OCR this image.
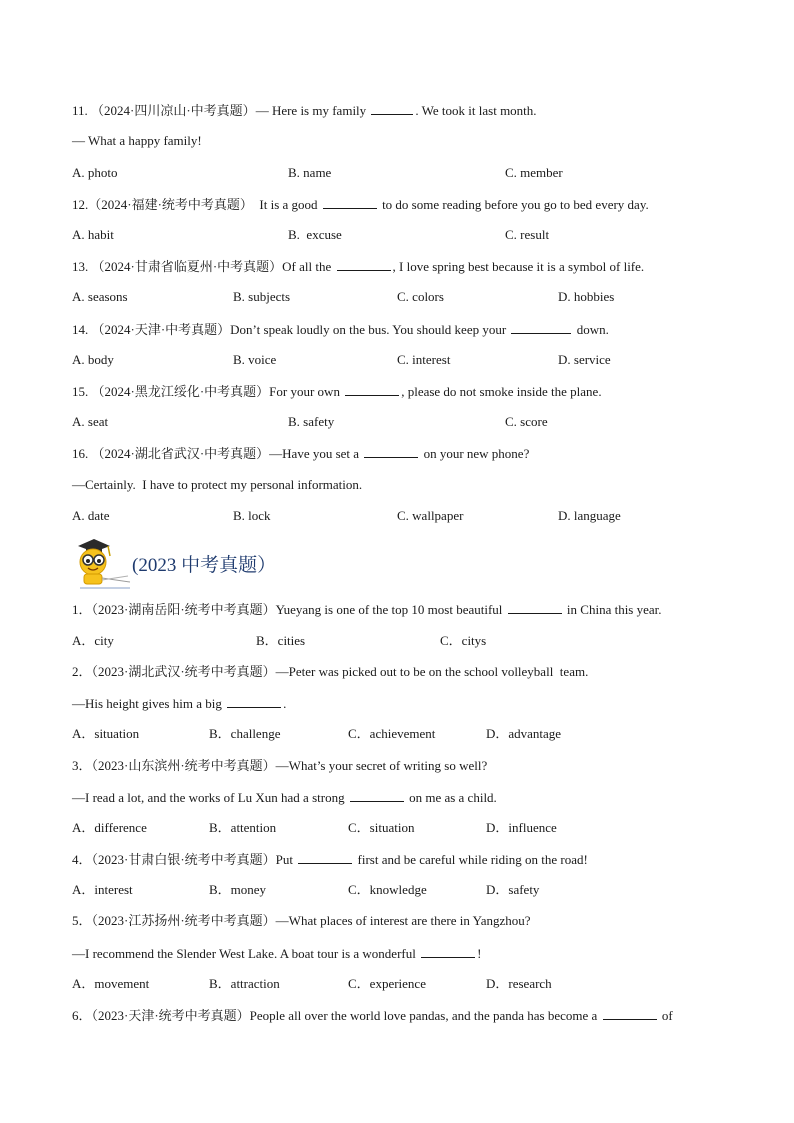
11. （2024·四川凉山·中考真题）— Here is my family	. We took it last month.
— What a happy family!
A. photo	B. name	C. member
12.（2024·福建·统考中考真题）  It is a good	to do some reading before you go to bed every day.
A. habit	B.  excuse	C. result
13. （2024·甘肃省临夏州·中考真题）Of all the	, I love spring best because it is a symbol of life.
A. seasons	B. subjects	C. colors	D. hobbies
14. （2024·天津·中考真题）Don’t speak loudly on the bus. You should keep your	down.
A. body	B. voice	C. interest	D. service
15. （2024·黑龙江绥化·中考真题）For your own	, please do not smoke inside the plane.
A. seat	B. safety	C. score
16. （2024·湖北省武汉·中考真题）—Have you set a	on your new phone?
—Certainly.  I have to protect my personal information.
A. date	B. lock	C. wallpaper	D. language
(2023 中考真题）
1．（2023·湖南岳阳·统考中考真题）Yueyang is one of the top 10 most beautiful	in China this year.
A．city	B．cities	C．citys
2．（2023·湖北武汉·统考中考真题）—Peter was picked out to be on the school volleyball  team.
—His height gives him a big	.
A．situation	B．challenge	C．achievement	D．advantage
3．（2023·山东滨州·统考中考真题）—What’s your secret of writing so well?
—I read a lot, and the works of Lu Xun had a strong	on me as a child.
A．difference	B．attention	C．situation	D．influence
4．（2023·甘肃白银·统考中考真题）Put	first and be careful while riding on the road!
A．interest	B．money	C．knowledge	D．safety
5．（2023·江苏扬州·统考中考真题）—What places of interest are there in Yangzhou?
—I recommend the Slender West Lake. A boat tour is a wonderful	!
A．movement	B．attraction	C．experience	D．research
6．（2023·天津·统考中考真题）People all over the world love pandas, and the panda has become a	of
